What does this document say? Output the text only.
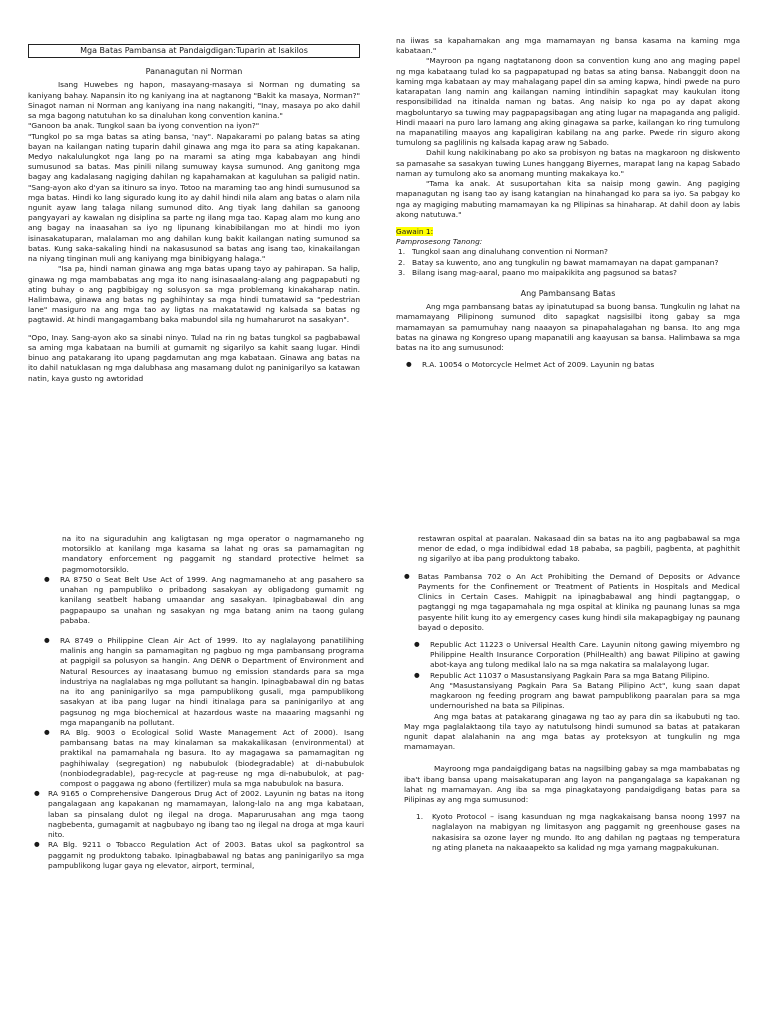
Mga Batas Pambansa at Pandaigdigan:Tuparin at Isakilos

Pananagutan ni Norman

Isang Huwebes ng hapon, masayang-masaya si Norman ng dumating sa kaniyang bahay. Napansin ito ng kaniyang ina at nagtanong "Bakit ka masaya, Norman?" Sinagot naman ni Norman ang kaniyang ina nang nakangiti, "Inay, masaya po ako dahil sa mga bagong natutuhan ko sa dinaluhan kong convention kanina."

"Ganoon ba anak. Tungkol saan ba iyong convention na iyon?"

"Tungkol po sa mga batas sa ating bansa, 'nay". Napakarami po palang batas sa ating bayan na kailangan nating tuparin dahil ginawa ang mga ito para sa ating kapakanan. Medyo nakalulungkot nga lang po na marami sa ating mga kababayan ang hindi sumusunod sa batas. Mas pinili nilang sumuway kaysa sumunod. Ang ganitong mga bagay ang kadalasang nagiging dahilan ng kapahamakan at kaguluhan sa paligid natin. "Sang-ayon ako d'yan sa itinuro sa inyo. Totoo na maraming tao ang hindi sumusunod sa mga batas. Hindi ko lang sigurado kung ito ay dahil hindi nila alam ang batas o alam nila ngunit ayaw lang talaga nilang sumunod dito. Ang tiyak lang dahilan sa ganoong pangyayari ay kawalan ng disiplina sa parte ng ilang mga tao. Kapag alam mo kung ano ang bagay na inaasahan sa iyo ng lipunang kinabibilangan mo at hindi mo iyon isinasakatuparan, malalaman mo ang dahilan kung bakit kailangan nating sumunod sa batas. Kung saka-sakaling hindi na nakasusunod sa batas ang isang tao, kinakailangan na niyang tinginan muli ang kaniyang mga binibigyang halaga."

"Isa pa, hindi naman ginawa ang mga batas upang tayo ay pahirapan. Sa halip, ginawa ng mga mambabatas ang mga ito nang isinasaalang-alang ang pagpapabuti ng ating buhay o ang pagbibigay ng solusyon sa mga problemang kinakaharap natin. Halimbawa, ginawa ang batas ng paghihintay sa mga hindi tumatawid sa "pedestrian lane" masiguro na ang mga tao ay ligtas na makatatawid ng kalsada sa batas ng pagtawid. At hindi mangagambang baka mabundol sila ng humaharurot na sasakyan".

"Opo, Inay. Sang-ayon ako sa sinabi ninyo. Tulad na rin ng batas tungkol sa pagbabawal sa aming mga kabataan na bumili at gumamit ng sigarilyo sa kahit saang lugar. Hindi binuo ang patakarang ito upang pagdamutan ang mga kabataan. Ginawa ang batas na ito dahil natuklasan ng mga dalubhasa ang masamang dulot ng paninigarilyo sa katawan natin, kaya gusto ng awtoridad

na iiwas sa kapahamakan ang mga mamamayan ng bansa kasama na kaming mga kabataan."

"Mayroon pa ngang nagtatanong doon sa convention kung ano ang maging papel ng mga kabataang tulad ko sa pagpapatupad ng batas sa ating bansa. Nabanggit doon na kaming mga kabataan ay may mahalagang papel din sa aming kapwa, hindi pwede na puro katarapatan lang namin ang kailangan naming intindihin sapagkat may kaukulan itong responsibilidad na itinalda naman ng batas. Ang naisip ko nga po ay dapat akong magboluntaryo sa tuwing may pagpapagsibagan ang ating lugar na mapaganda ang paligid. Hindi maaari na puro laro lamang ang aking ginagawa sa parke, kailangan ko ring tumulong na mapanatiling maayos ang kapaligiran kabilang na ang parke. Pwede rin siguro akong tumulong sa paglilinis ng kalsada kapag araw ng Sabado.

Dahil kung nakikinabang po ako sa probisyon ng batas na magkaroon ng diskwento sa pamasahe sa sasakyan tuwing Lunes hanggang Biyernes, marapat lang na kapag Sabado naman ay tumulong ako sa anomang munting makakaya ko."

"Tama ka anak. At susuportahan kita sa naisip mong gawin. Ang pagiging mapanagutan ng isang tao ay isang katangian na hinahangad ko para sa iyo. Sa pabgay ko nga ay magiging mabuting mamamayan ka ng Pilipinas sa hinaharap. At dahil doon ay labis akong natutuwa."

Gawain 1:

Pamprosesong Tanong:

1. Tungkol saan ang dinaluhang convention ni Norman?
2. Batay sa kuwento, ano ang tungkulin ng bawat mamamayan na dapat gampanan?
3. Bilang isang mag-aaral, paano mo maipakikita ang pagsunod sa batas?

Ang Pambansang Batas

Ang mga pambansang batas ay ipinatutupad sa buong bansa. Tungkulin ng lahat na mamamayang Pilipinong sumunod dito sapagkat nagsisilbi itong gabay sa mga mamamayan sa pamumuhay nang naaayon sa pinapahalagahan ng bansa. Ito ang mga batas na ginawa ng Kongreso upang mapanatili ang kaayusan sa bansa. Halimbawa sa mga batas na ito ang sumusunod:

● R.A. 10054 o Motorcycle Helmet Act of 2009. Layunin ng batas

na ito na siguraduhin ang kaligtasan ng mga operator o nagmamaneho ng motorsiklo at kanilang mga kasama sa lahat ng oras sa pamamagitan ng mandatory enforcement ng paggamit ng standard protective helmet sa pagmomotorsiklo.

● RA 8750 o Seat Belt Use Act of 1999. Ang nagmamaneho at ang pasahero sa unahan ng pampubliko o pribadong sasakyan ay obligadong gumamit ng kanilang seatbelt habang umaandar ang sasakyan. Ipinagbabawal din ang pagpapaupo sa unahan ng sasakyan ng mga batang anim na taong gulang pababa.
● RA 8749 o Philippine Clean Air Act of 1999. Ito ay naglalayong panatilihing malinis ang hangin sa pamamagitan ng pagbuo ng mga pambansang programa at pagpigil sa polusyon sa hangin. Ang DENR o Department of Environment and Natural Resources ay inaatasang bumuo ng emission standards para sa mga industriya na naglalabas ng mga pollutant sa hangin. Ipinagbabawal din ng batas na ito ang paninigarilyo sa mga pampublikong gusali, mga pampublikong sasakyan at iba pang lugar na hindi itinalaga para sa paninigarilyo at ang pagsunog ng mga biochemical at hazardous waste na maaaring magsanhi ng mga mapanganib na pollutant.
● RA Blg. 9003 o Ecological Solid Waste Management Act of 2000). Isang pambansang batas na may kinalaman sa makakalikasan (environmental) at praktikal na pamamahala ng basura. Ito ay magagawa sa pamamagitan ng paghihiwalay (segregation) ng nabubulok (biodegradable) at di-nabubulok (nonbiodegradable), pag-recycle at pag-reuse ng mga di-nabubulok, at pag-compost o paggawa ng abono (fertilizer) mula sa mga nabubulok na basura.
● RA 9165 o Comprehensive Dangerous Drug Act of 2002. Layunin ng batas na itong pangalagaan ang kapakanan ng mamamayan, lalong-lalo na ang mga kabataan, laban sa pinsalang dulot ng ilegal na droga. Maparurusahan ang mga taong nagbebenta, gumagamit at nagbubayo ng ibang tao ng ilegal na droga at mga kauri nito.
● RA Blg. 9211 o Tobacco Regulation Act of 2003. Batas ukol sa pagkontrol sa paggamit ng produktong tabako. Ipinagbabawal ng batas ang paninigarilyo sa mga pampublikong lugar gaya ng elevator, airport, terminal,

restawran ospital at paaralan. Nakasaad din sa batas na ito ang pagbabawal sa mga menor de edad, o mga indibidwal edad 18 pababa, sa pagbili, pagbenta, at paghithit ng sigarilyo at iba pang produktong tabako.

● Batas Pambansa 702 o An Act Prohibiting the Demand of Deposits or Advance Payments for the Confinement or Treatment of Patients in Hospitals and Medical Clinics in Certain Cases. Mahigpit na ipinagbabawal ang hindi pagtanggap, o pagtanggi ng mga tagapamahala ng mga ospital at klinika ng paunang lunas sa mga pasyente hilit kung ito ay emergency cases kung hindi sila makapagbigay ng paunang bayad o deposito.
● Republic Act 11223 o Universal Health Care. Layunin nitong gawing miyembro ng Philippine Health Insurance Corporation (PhilHealth) ang bawat Pilipino at gawing abot-kaya ang tulong medikal lalo na sa mga nakatira sa malalayong lugar.
● Republic Act 11037 o Masustansiyang Pagkain Para sa mga Batang Pilipino.

Ang "Masustansiyang Pagkain Para Sa Batang Pilipino Act", kung saan dapat magkaroon ng feeding program ang bawat pampublikong paaralan para sa mga undernourished na bata sa Pilipinas.

Ang mga batas at patakarang ginagawa ng tao ay para din sa ikabubuti ng tao. May mga paglalaktaong tila tayo ay natutulsong hindi sumunod sa batas at patakaran ngunit dapat alalahanin na ang mga batas ay proteksyon at tungkulin ng mga mamamayan.

Mayroong mga pandaigdigang batas na nagsilbing gabay sa mga mambabatas ng iba't ibang bansa upang maisakatuparan ang layon na pangangalaga sa kapakanan ng lahat ng mamamayan. Ang iba sa mga pinagkatayong pandaigdigang batas para sa Pilipinas ay ang mga sumusunod:

1. Kyoto Protocol – isang kasunduan ng mga nagkakaisang bansa noong 1997 na naglalayon na mabigyan ng limitasyon ang paggamit ng greenhouse gases na nakasisira sa ozone layer ng mundo. Ito ang dahilan ng pagtaas ng temperatura ng ating planeta na nakaaapekto sa kalidad ng mga yamang magpakukunan.
